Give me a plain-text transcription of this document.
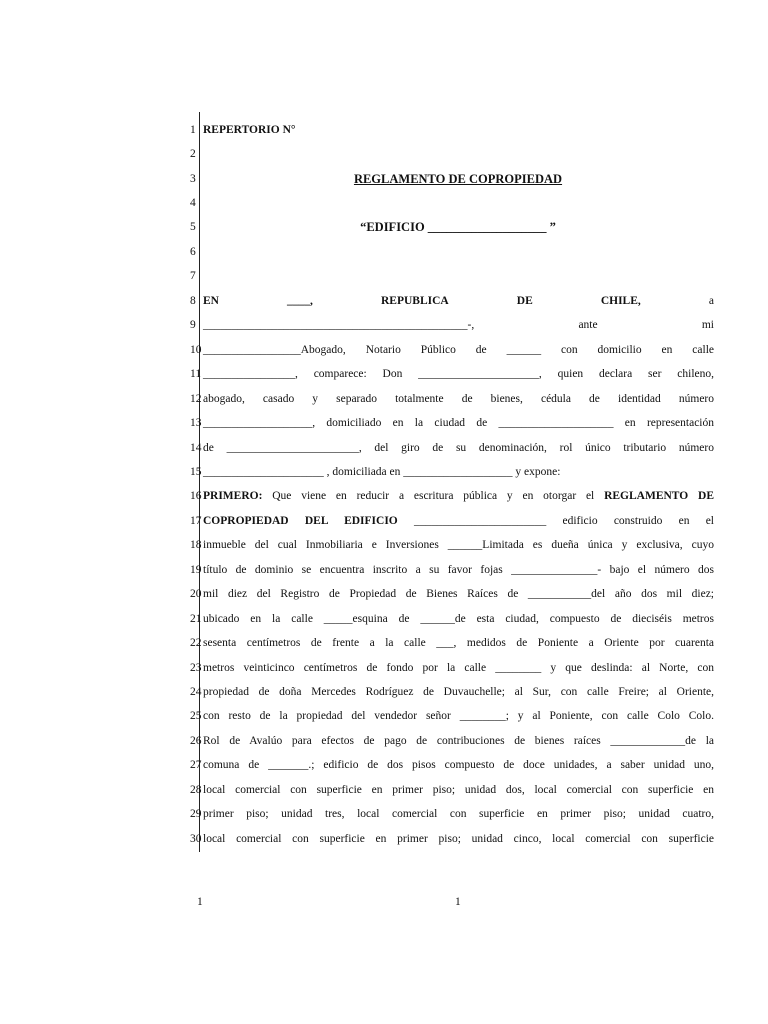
1
2
3
4
5
6
7
8
9
10
11
12
13
14
15
16
17
18
19
20
21
22
23
24
25
26
27
28
29
30
REPERTORIO N°
REGLAMENTO DE COPROPIEDAD
“EDIFICIO ___________________ ”
EN	____,	REPUBLICA	DE	CHILE,	a
______________________________________________-,	ante	mi
_________________Abogado, Notario Público de ______ con domicilio en calle
________________, comparece: Don _____________________, quien declara ser chileno,
abogado, casado y separado totalmente de bienes, cédula de identidad número
___________________, domiciliado en la ciudad de ____________________ en representación
de _______________________, del giro de su denominación, rol único tributario número
_____________________ , domiciliada en ___________________ y expone:
PRIMERO: Que viene en reducir a escritura pública y en otorgar el REGLAMENTO DE
COPROPIEDAD DEL EDIFICIO _______________________ edificio construido en el
inmueble del cual Inmobiliaria e Inversiones ______Limitada es dueña única y exclusiva, cuyo
título de dominio se encuentra inscrito a su favor fojas _______________- bajo el número dos
mil diez del Registro de Propiedad de Bienes Raíces de ___________del año dos mil diez;
ubicado en la calle _____esquina de ______de esta ciudad, compuesto de dieciséis metros
sesenta centímetros de frente a la calle ___, medidos de Poniente a Oriente por cuarenta
metros veinticinco centímetros de fondo por la calle ________ y que deslinda: al Norte, con
propiedad de doña Mercedes Rodríguez de Duvauchelle; al Sur, con calle Freire; al Oriente,
con resto de la propiedad del vendedor señor ________; y al Poniente, con calle Colo Colo.
Rol de Avalúo para efectos de pago de contribuciones de bienes raíces _____________de la
comuna de _______.; edificio de dos pisos compuesto de doce unidades, a saber unidad uno,
local comercial con superficie en primer piso; unidad dos, local comercial con superficie en
primer piso; unidad tres, local comercial con superficie en primer piso; unidad cuatro,
local comercial con superficie en primer piso; unidad cinco, local comercial con superficie
1	1
